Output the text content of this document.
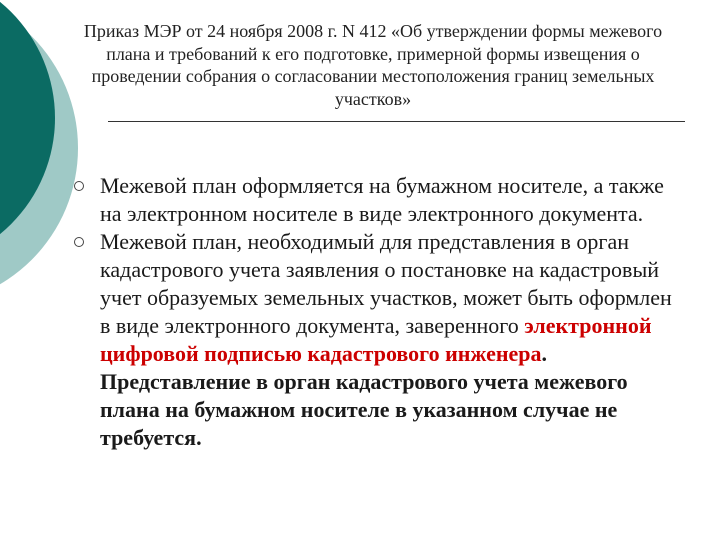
Приказ МЭР от 24 ноября 2008 г. N 412 «Об утверждении формы межевого плана и требований к его подготовке, примерной формы извещения о проведении собрания о согласовании местоположения границ земельных участков»
Межевой план оформляется на бумажном носителе, а также на электронном носителе в виде электронного документа.
Межевой план, необходимый для представления в орган кадастрового учета заявления о постановке на кадастровый учет образуемых земельных участков, может быть оформлен в виде электронного документа, заверенного электронной цифровой подписью кадастрового инженера. Представление в орган кадастрового учета межевого плана на бумажном носителе в указанном случае не требуется.
